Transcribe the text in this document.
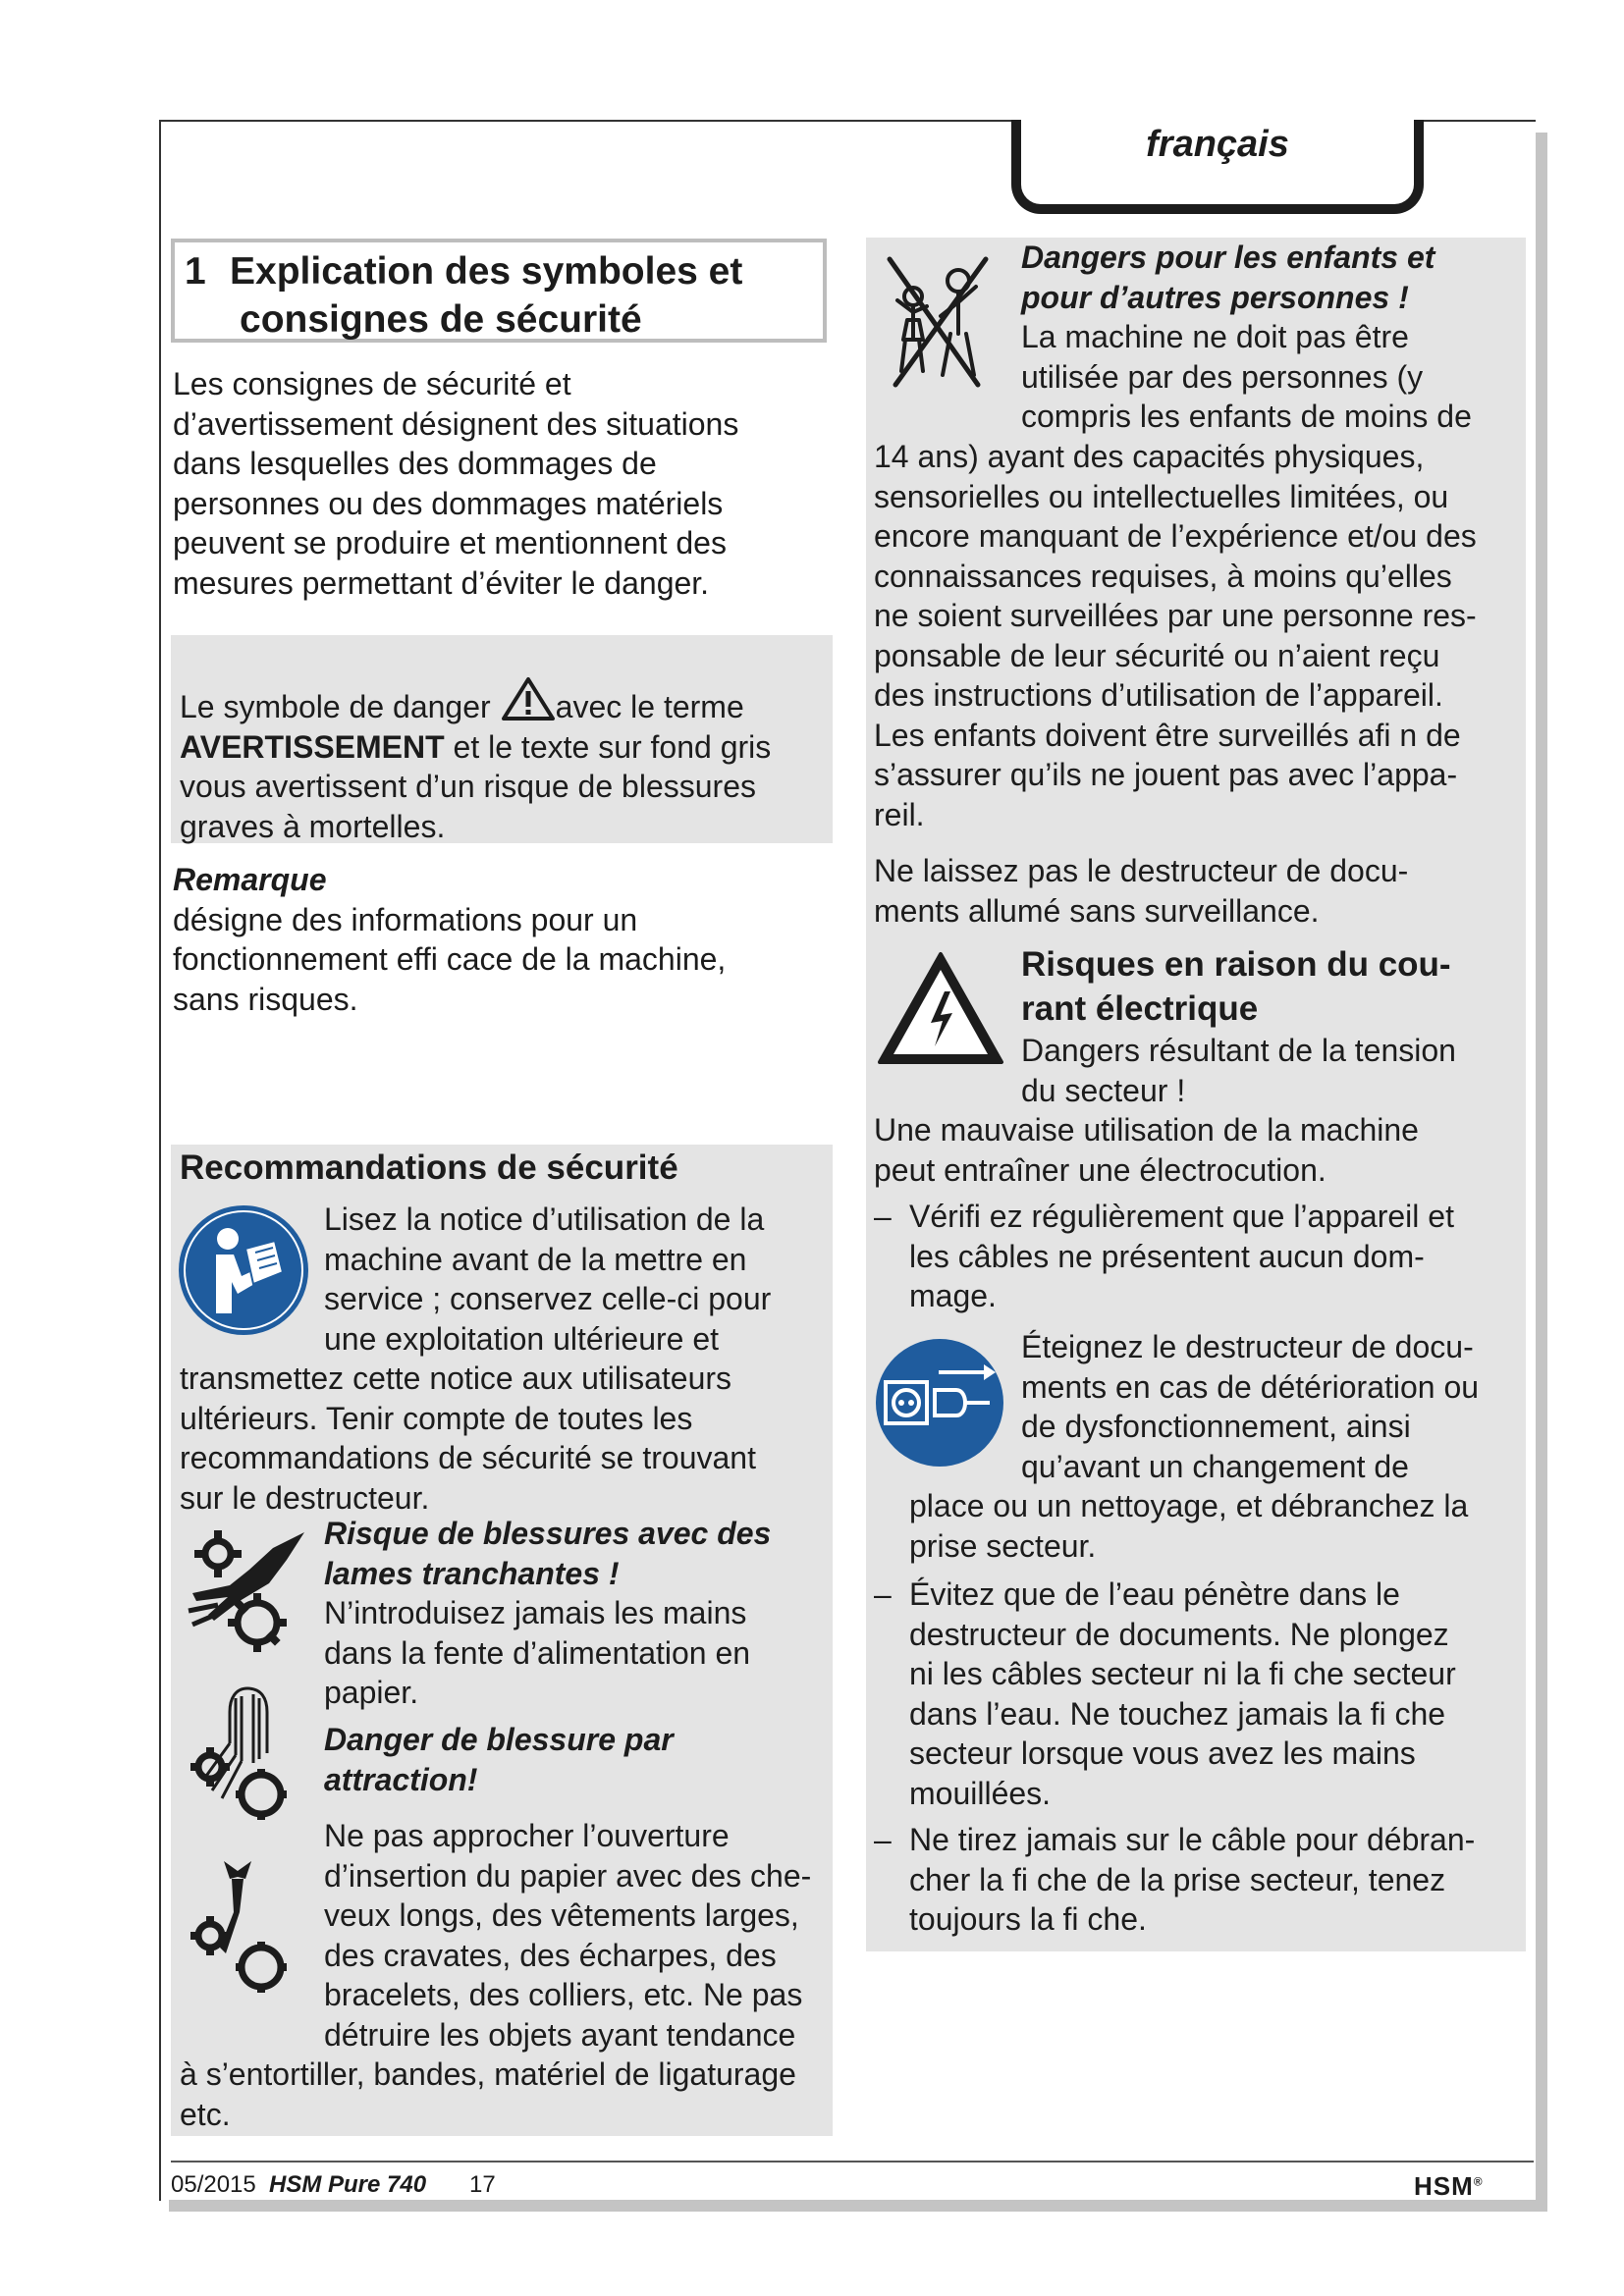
français
1 Explication des symboles et
consignes de sécurité

Les consignes de sécurité et

d’avertissement désignent des situations

dans lesquelles des dommages de

personnes ou des dommages matériels

peuvent se produire et mentionnent des

mesures permettant d’éviter le danger.

Le symbole de danger avec le terme

AVERTISSEMENT et le texte sur fond gris

vous avertissent d’un risque de blessures

graves à mortelles.

Remarque

désigne des informations pour un

fonctionnement effi cace de la machine,

sans risques.

Recommandations de sécurité

Lisez la notice d’utilisation de la

machine avant de la mettre en

service ; conservez celle-ci pour

une exploitation ultérieure et

transmettez cette notice aux utilisateurs

ultérieurs. Tenir compte de toutes les

recommandations de sécurité se trouvant

sur le destructeur.

Risque de blessures avec des

lames tranchantes !

N’introduisez jamais les mains

dans la fente d’alimentation en

papier.

Danger de blessure par

attraction!

Ne pas approcher l’ouverture

d’insertion du papier avec des che-

veux longs, des vêtements larges,

des cravates, des écharpes, des

bracelets, des colliers, etc. Ne pas

détruire les objets ayant tendance

à s’entortiller, bandes, matériel de ligaturage

etc.

Dangers pour les enfants et

pour d’autres personnes !

La machine ne doit pas être

utilisée par des personnes (y

compris les enfants de moins de

14 ans) ayant des capacités physiques,

sensorielles ou intellectuelles limitées, ou

encore manquant de l’expérience et/ou des

connaissances requises, à moins qu’elles

ne soient surveillées par une personne res-

ponsable de leur sécurité ou n’aient reçu

des instructions d’utilisation de l’appareil.

Les enfants doivent être surveillés afi n de

s’assurer qu’ils ne jouent pas avec l’appa-

reil.

Ne laissez pas le destructeur de docu-

ments allumé sans surveillance.

Risques en raison du cou-

rant électrique

Dangers résultant de la tension

du secteur !

Une mauvaise utilisation de la machine

peut entraîner une électrocution.

– Vérifi ez régulièrement que l’appareil et

les câbles ne présentent aucun dom-

mage.

Éteignez le destructeur de docu-

ments en cas de détérioration ou

de dysfonctionnement, ainsi

qu’avant un changement de

place ou un nettoyage, et débranchez la

prise secteur.

– Évitez que de l’eau pénètre dans le

destructeur de documents. Ne plongez

ni les câbles secteur ni la fi che secteur

dans l’eau. Ne touchez jamais la fi che

secteur lorsque vous avez les mains

mouillées.

– Ne tirez jamais sur le câble pour débran-

cher la fi che de la prise secteur, tenez

toujours la fi che.

05/2015 HSM Pure 740 17	HSM®
